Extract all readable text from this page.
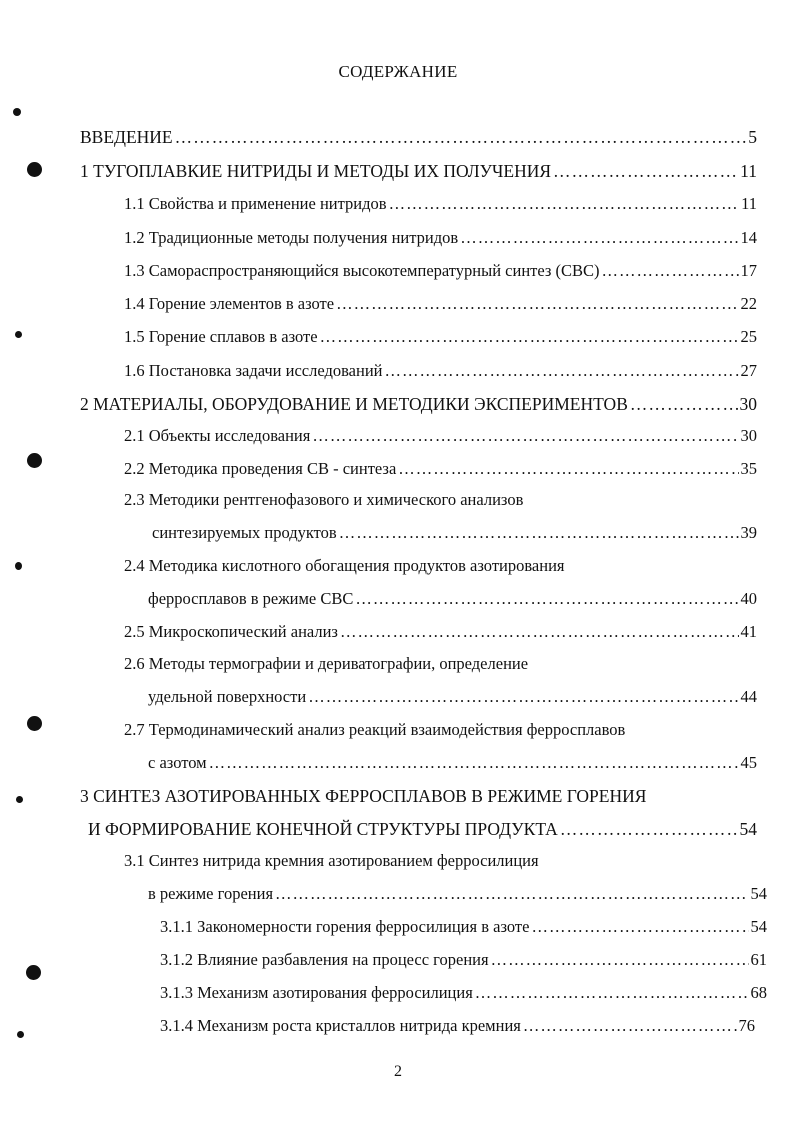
СОДЕРЖАНИЕ
ВВЕДЕНИЕ ……………………………………………………………………………………………………………………………………………………………………………………	5
1 ТУГОПЛАВКИЕ НИТРИДЫ И МЕТОДЫ ИХ ПОЛУЧЕНИЯ ……………………………………………………………………………………………………………………………………………………………………………………	11
1.1 Свойства и применение нитридов ……………………………………………………………………………………………………………………………………………………………………………………	11
1.2 Традиционные методы получения нитридов ……………………………………………………………………………………………………………………………………………………………………………………	14
1.3 Самораспространяющийся высокотемпературный синтез (СВС) ……………………………………………………………………………………………………………………………………………………………………………………	17
1.4 Горение элементов в азоте ……………………………………………………………………………………………………………………………………………………………………………………	22
1.5 Горение сплавов в азоте ……………………………………………………………………………………………………………………………………………………………………………………	25
1.6 Постановка задачи исследований ……………………………………………………………………………………………………………………………………………………………………………………	27
2 МАТЕРИАЛЫ, ОБОРУДОВАНИЕ И МЕТОДИКИ ЭКСПЕРИМЕНТОВ ……………………………………………………………………………………………………………………………………………………………………………………	30
2.1 Объекты исследования ……………………………………………………………………………………………………………………………………………………………………………………	30
2.2 Методика проведения СВ - синтеза ……………………………………………………………………………………………………………………………………………………………………………………	35
2.3 Методики рентгенофазового и химического анализов
синтезируемых продуктов ……………………………………………………………………………………………………………………………………………………………………………………	39
2.4 Методика кислотного обогащения продуктов азотирования
ферросплавов в режиме СВС ……………………………………………………………………………………………………………………………………………………………………………………	40
2.5 Микроскопический анализ ……………………………………………………………………………………………………………………………………………………………………………………	41
2.6 Методы термографии и дериватографии, определение
удельной поверхности ……………………………………………………………………………………………………………………………………………………………………………………	44
2.7 Термодинамический анализ реакций взаимодействия ферросплавов
с азотом ……………………………………………………………………………………………………………………………………………………………………………………	45
3 СИНТЕЗ АЗОТИРОВАННЫХ ФЕРРОСПЛАВОВ В РЕЖИМЕ ГОРЕНИЯ
И ФОРМИРОВАНИЕ КОНЕЧНОЙ СТРУКТУРЫ ПРОДУКТА ……………………………………………………………………………………………………………………………………………………………………………………	54
3.1 Синтез нитрида кремния азотированием ферросилиция
в режиме горения ……………………………………………………………………………………………………………………………………………………………………………………	54
3.1.1 Закономерности горения ферросилиция в азоте ……………………………………………………………………………………………………………………………………………………………………………………	54
3.1.2 Влияние разбавления на процесс горения ……………………………………………………………………………………………………………………………………………………………………………………	61
3.1.3 Механизм азотирования ферросилиция ……………………………………………………………………………………………………………………………………………………………………………………	68
3.1.4 Механизм роста кристаллов нитрида кремния ……………………………………………………………………………………………………………………………………………………………………………………	76
2
